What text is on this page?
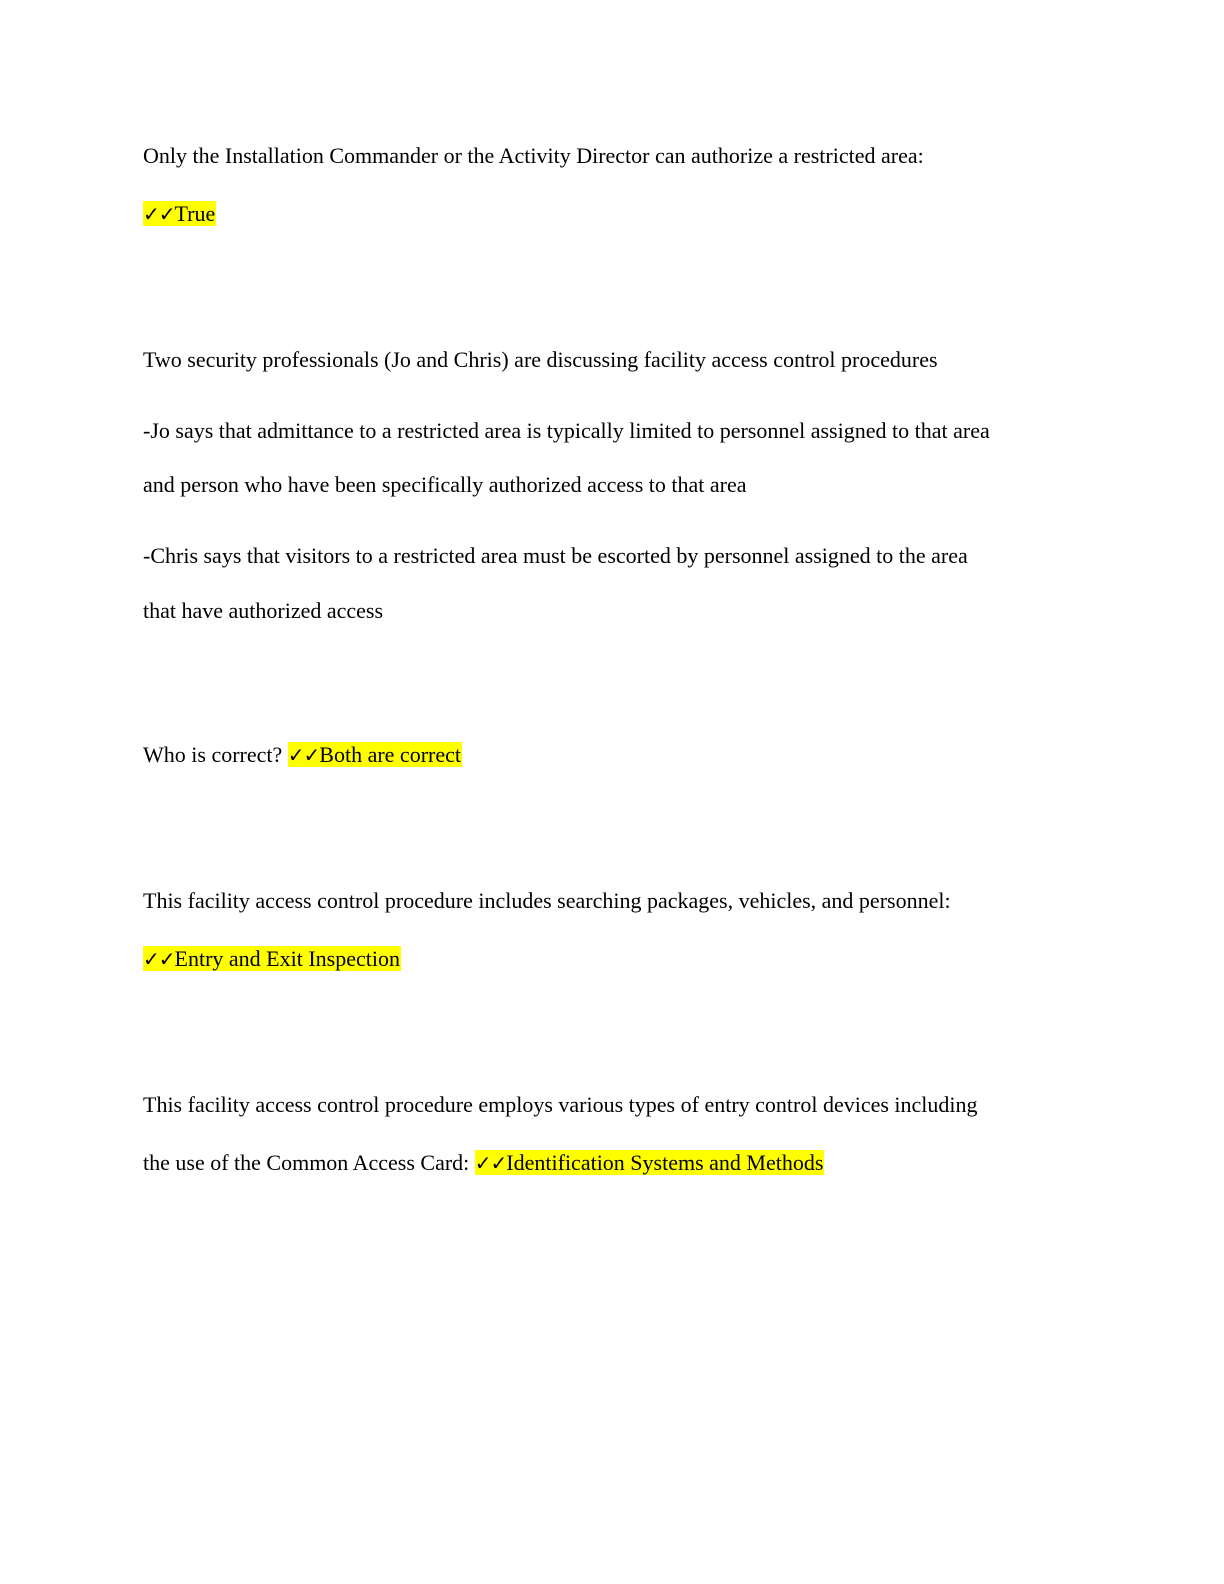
Only the Installation Commander or the Activity Director can authorize a restricted area:
✓✓True
Two security professionals (Jo and Chris) are discussing facility access control procedures
-Jo says that admittance to a restricted area is typically limited to personnel assigned to that area
and person who have been specifically authorized access to that area
-Chris says that visitors to a restricted area must be escorted by personnel assigned to the area
that have authorized access
Who is correct? ✓✓Both are correct
This facility access control procedure includes searching packages, vehicles, and personnel:
✓✓Entry and Exit Inspection
This facility access control procedure employs various types of entry control devices including
the use of the Common Access Card: ✓✓Identification Systems and Methods
